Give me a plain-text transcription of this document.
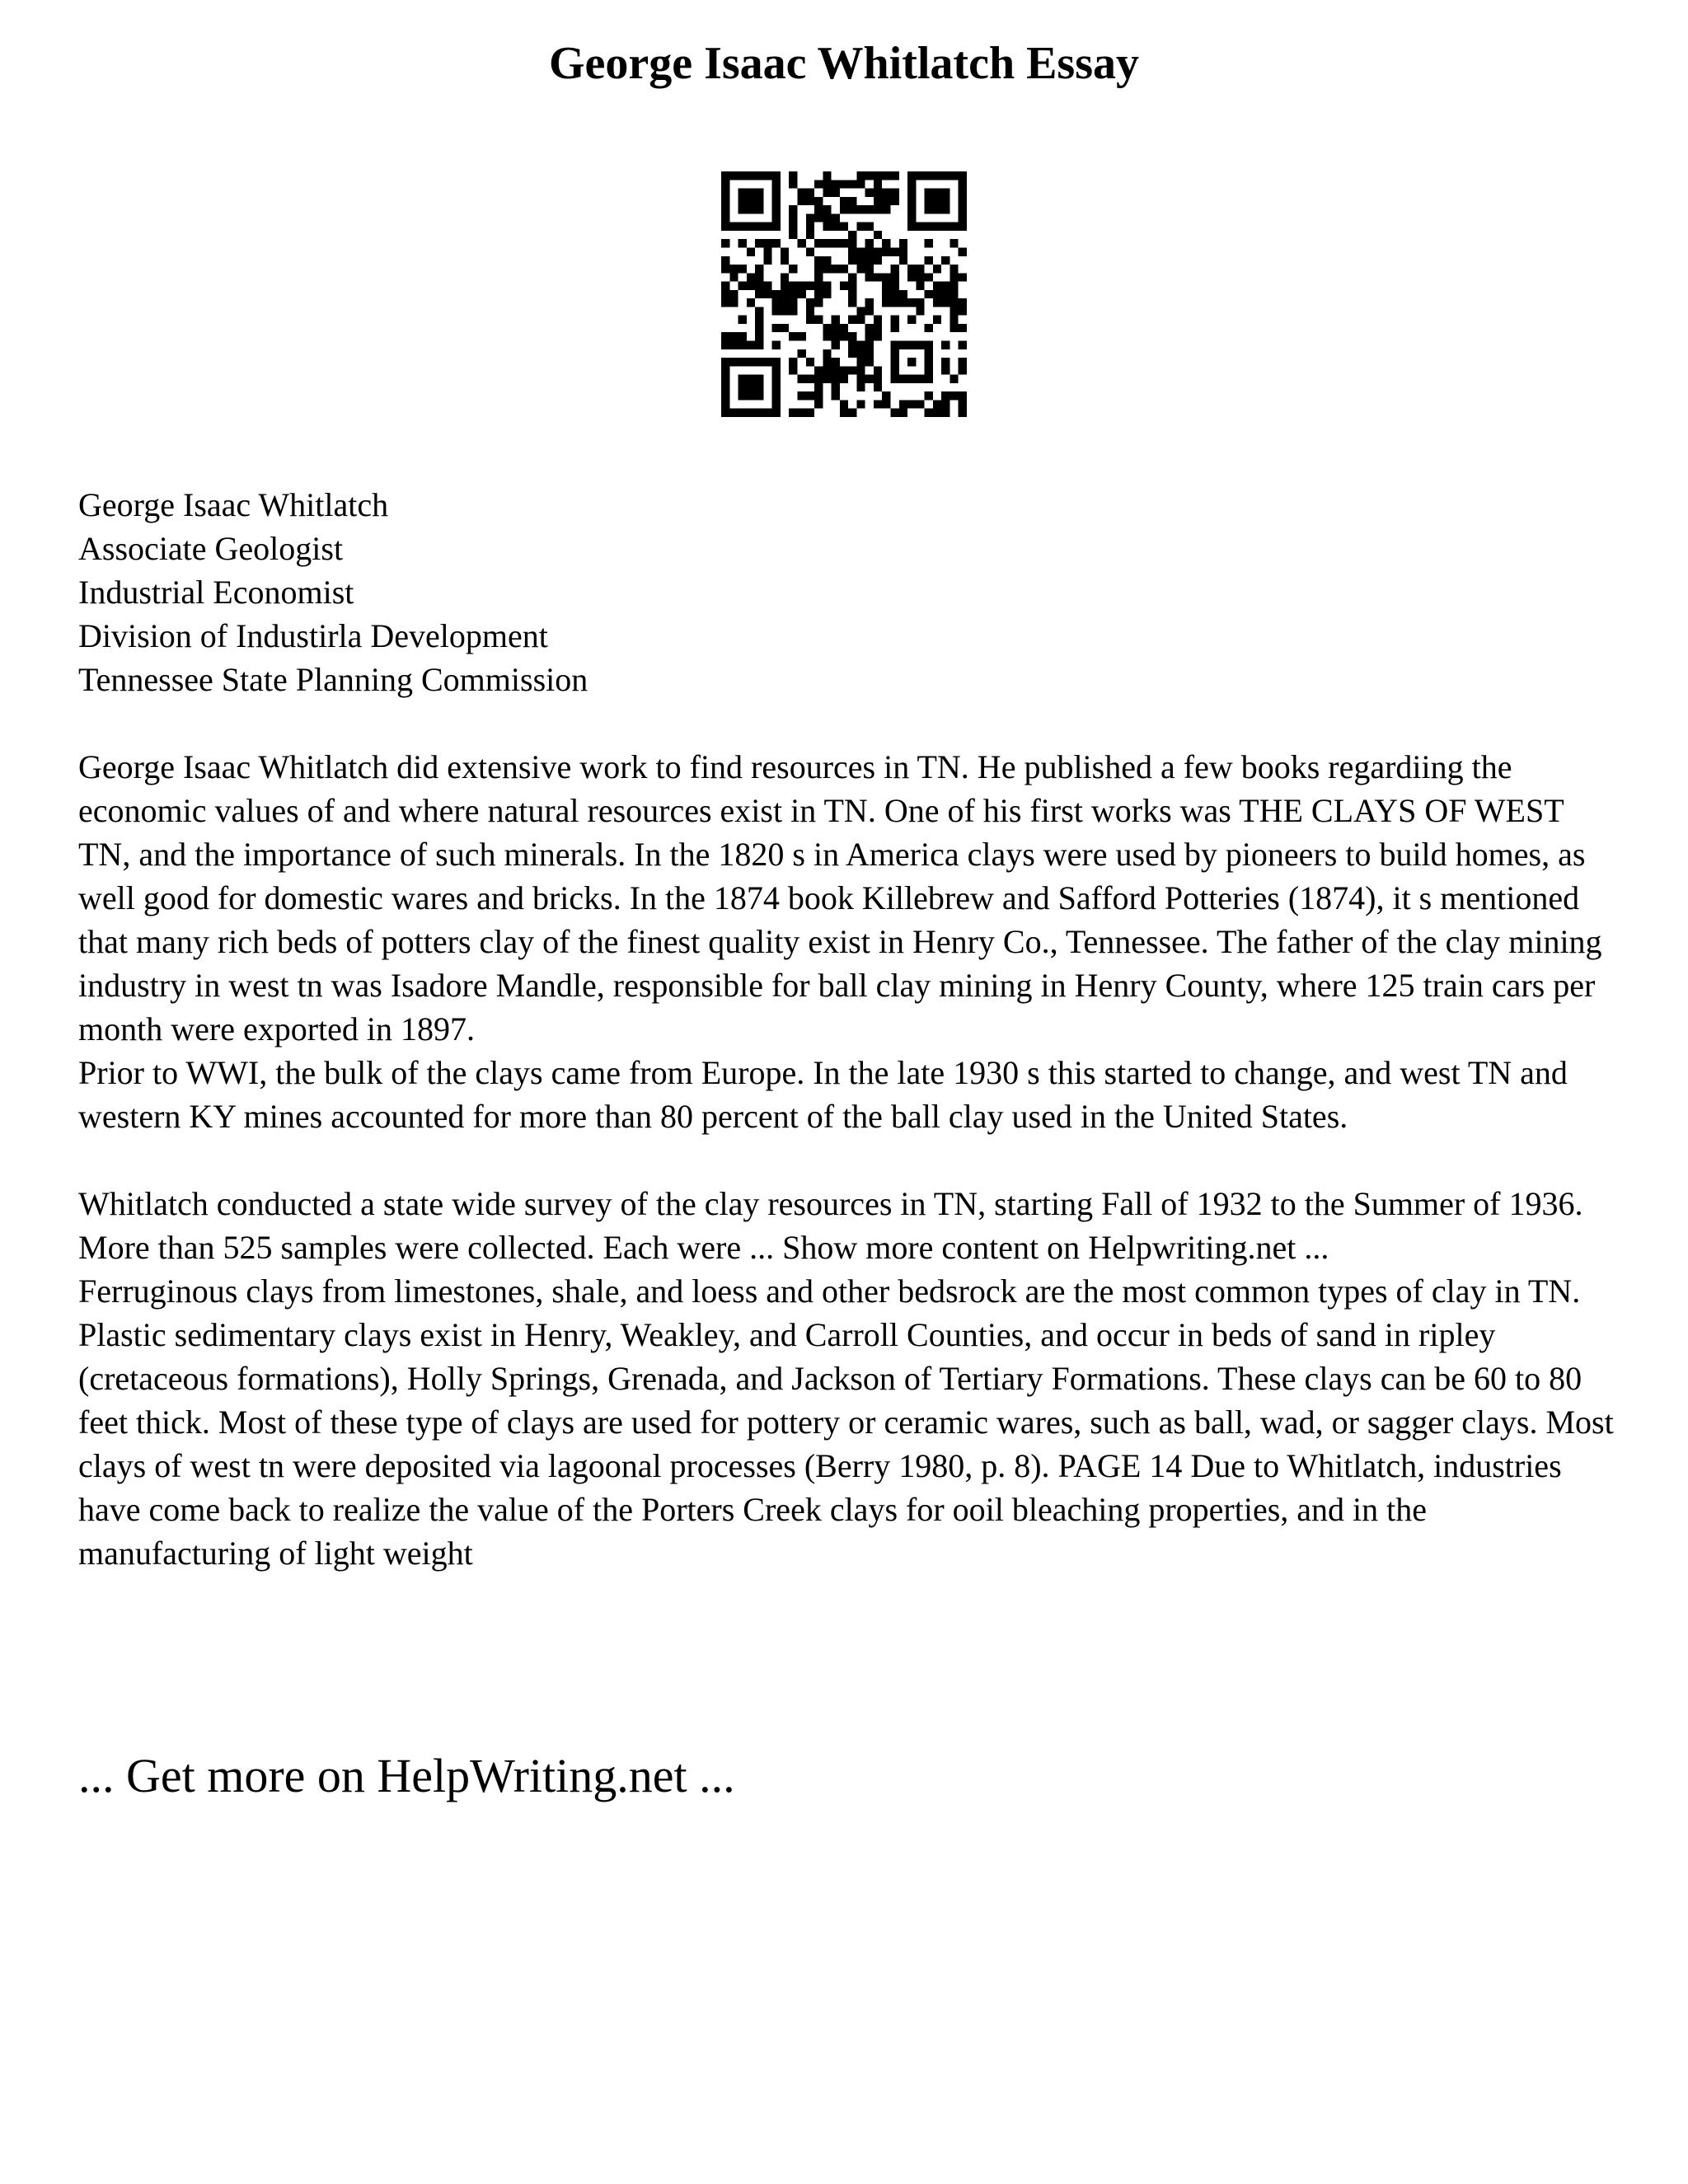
George Isaac Whitlatch Essay
George Isaac Whitlatch
Associate Geologist
Industrial Economist
Division of Industirla Development
Tennessee State Planning Commission

George Isaac Whitlatch did extensive work to find resources in TN. He published a few books regardiing the economic values of and where natural resources exist in TN. One of his first works was THE CLAYS OF WEST TN, and the importance of such minerals. In the 1820 s in America clays were used by pioneers to build homes, as well good for domestic wares and bricks. In the 1874 book Killebrew and Safford Potteries (1874), it s mentioned that many rich beds of potters clay of the finest quality exist in Henry Co., Tennessee. The father of the clay mining industry in west tn was Isadore Mandle, responsible for ball clay mining in Henry County, where 125 train cars per month were exported in 1897.

Prior to WWI, the bulk of the clays came from Europe. In the late 1930 s this started to change, and west TN and western KY mines accounted for more than 80 percent of the ball clay used in the United States.

Whitlatch conducted a state wide survey of the clay resources in TN, starting Fall of 1932 to the Summer of 1936. More than 525 samples were collected. Each were ... Show more content on Helpwriting.net ...

Ferruginous clays from limestones, shale, and loess and other bedsrock are the most common types of clay in TN. Plastic sedimentary clays exist in Henry, Weakley, and Carroll Counties, and occur in beds of sand in ripley (cretaceous formations), Holly Springs, Grenada, and Jackson of Tertiary Formations. These clays can be 60 to 80 feet thick. Most of these type of clays are used for pottery or ceramic wares, such as ball, wad, or sagger clays. Most clays of west tn were deposited via lagoonal processes (Berry 1980, p. 8). PAGE 14 Due to Whitlatch, industries have come back to realize the value of the Porters Creek clays for ooil bleaching properties, and in the manufacturing of light weight

... Get more on HelpWriting.net ...
